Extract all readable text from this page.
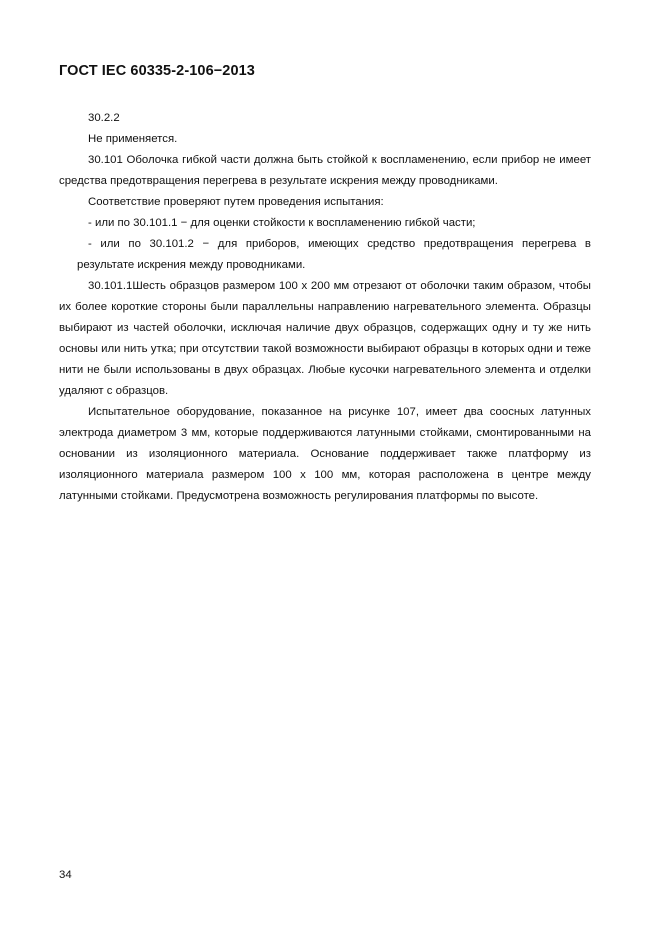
ГОСТ IEC 60335-2-106−2013

30.2.2

Не применяется.

30.101 Оболочка гибкой части должна быть стойкой к воспламенению, если прибор не имеет средства предотвращения перегрева в результате искрения между проводниками.

Соответствие проверяют путем проведения испытания:

- или по 30.101.1 − для оценки стойкости к воспламенению гибкой части;

- или по 30.101.2 − для приборов, имеющих средство предотвращения перегрева в результате искрения между проводниками.

30.101.1Шесть образцов размером 100 х 200 мм отрезают от оболочки таким образом, чтобы их более короткие стороны были параллельны направлению нагревательного элемента. Образцы выбирают из частей оболочки, исключая наличие двух образцов, содержащих одну и ту же нить основы или нить утка; при отсутствии такой возможности выбирают образцы в которых одни и теже нити не были использованы в двух образцах. Любые кусочки нагревательного элемента и отделки удаляют с образцов.

Испытательное оборудование, показанное на рисунке 107, имеет два соосных латунных электрода диаметром 3 мм, которые поддерживаются латунными стойками, смонтированными на основании из изоляционного материала. Основание поддерживает также платформу из изоляционного материала размером 100 х 100 мм, которая расположена в центре между латунными стойками. Предусмотрена возможность регулирования платформы по высоте.

34
